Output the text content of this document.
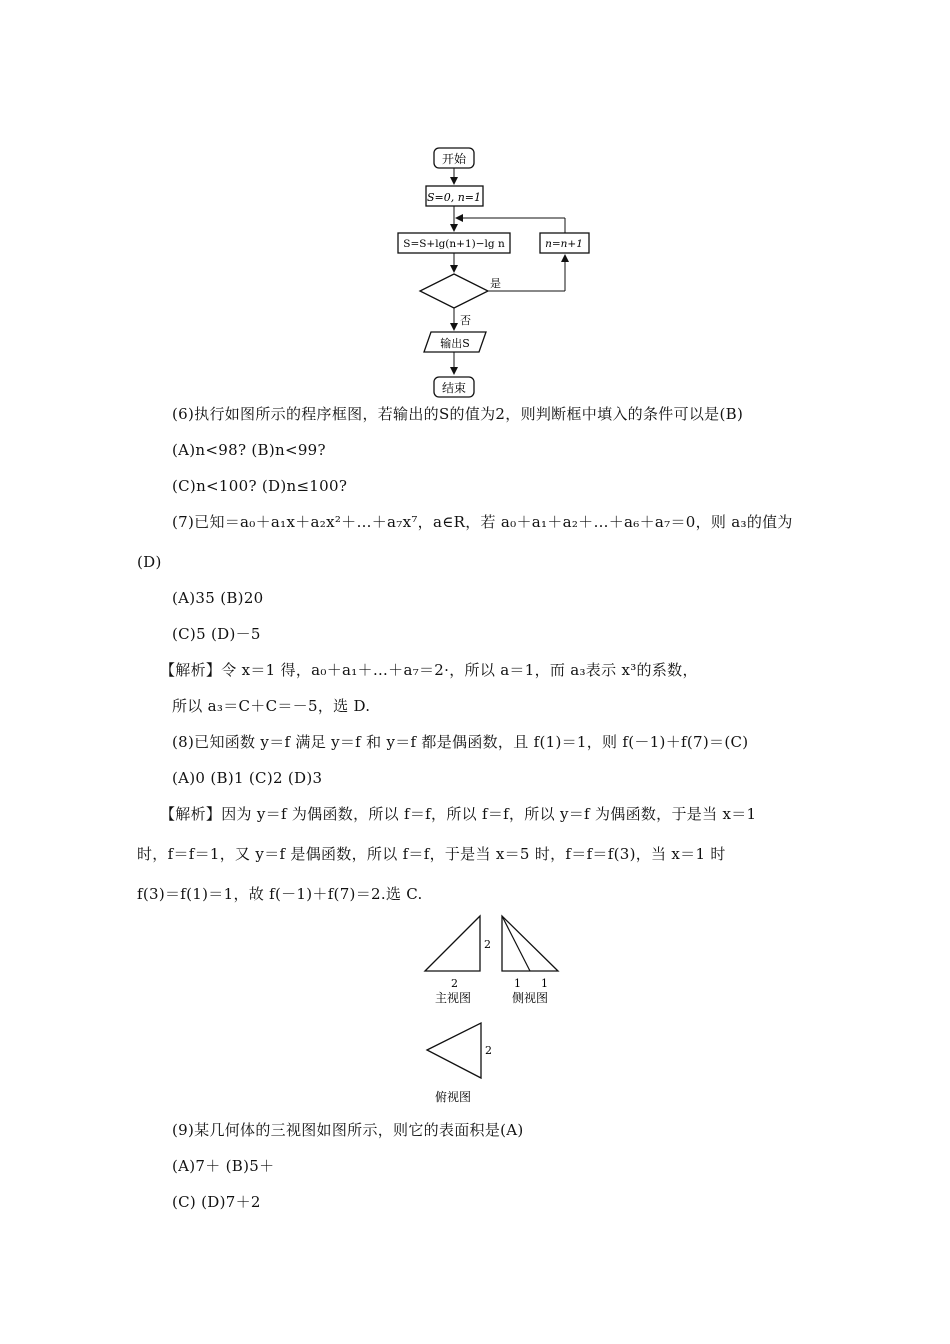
开始
S=0, n=1
S=S+lg(n+1)−lg n	n=n+1
是
否
输出S
结束
(6)执行如图所示的程序框图，若输出的S的值为2，则判断框中填入的条件可以是(B)
(A)n<98? (B)n<99?
(C)n<100? (D)n≤100?
(7)已知＝a₀＋a₁x＋a₂x²＋…＋a₇x⁷，a∈R，若 a₀＋a₁＋a₂＋…＋a₆＋a₇＝0，则 a₃的值为
(D)
(A)35 (B)20
(C)5 (D)－5
【解析】令 x＝1 得，a₀＋a₁＋…＋a₇＝2·，所以 a＝1，而 a₃表示 x³的系数，
所以 a₃＝C＋C＝－5，选 D.
(8)已知函数 y＝f 满足 y＝f 和 y＝f 都是偶函数，且 f(1)＝1，则 f(－1)＋f(7)＝(C)
(A)0 (B)1 (C)2 (D)3
【解析】因为 y＝f 为偶函数，所以 f＝f，所以 f＝f，所以 y＝f 为偶函数，于是当 x＝1
时，f＝f＝1，又 y＝f 是偶函数，所以 f＝f，于是当 x＝5 时，f＝f＝f(3)，当 x＝1 时
f(3)＝f(1)＝1，故 f(－1)＋f(7)＝2.选 C.
2
2
主视图
1 1
侧视图
2
俯视图
(9)某几何体的三视图如图所示，则它的表面积是(A)
(A)7＋ (B)5＋
(C) (D)7＋2
